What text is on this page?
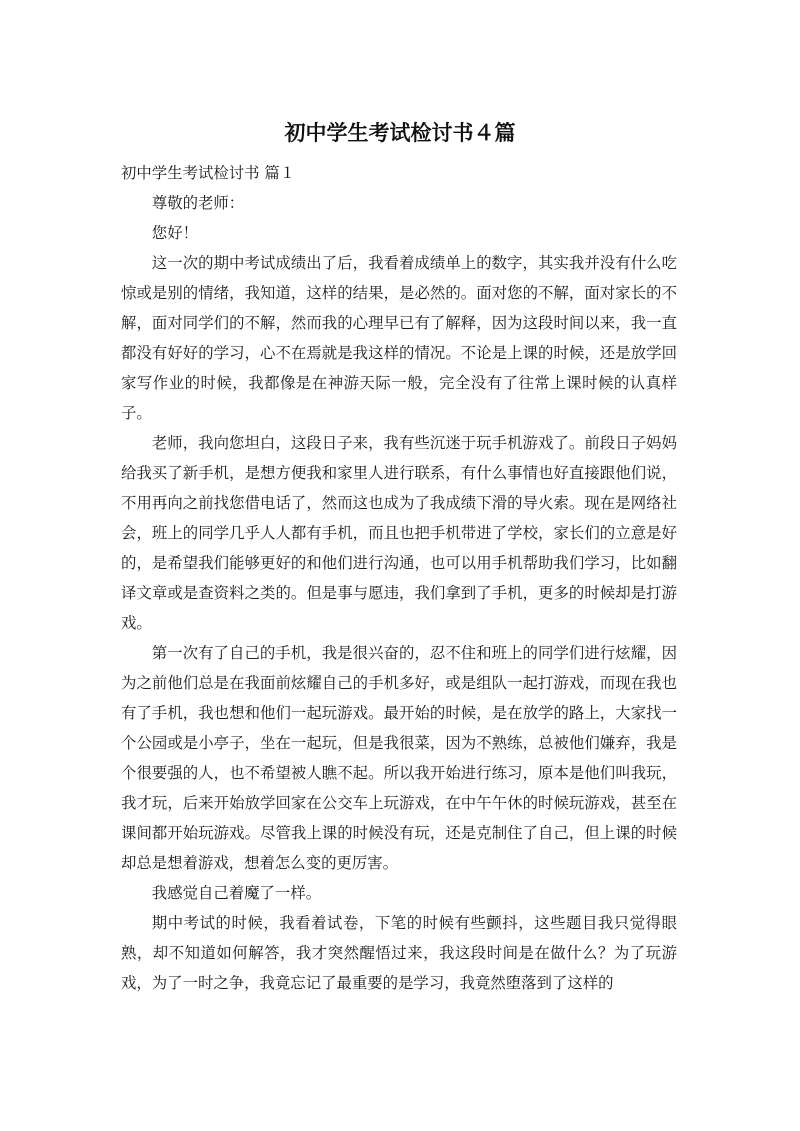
初中学生考试检讨书４篇

初中学生考试检讨书 篇１

尊敬的老师：

您好！

这一次的期中考试成绩出了后，我看着成绩单上的数字，其实我并没有什么吃惊或是别的情绪，我知道，这样的结果，是必然的。面对您的不解，面对家长的不解，面对同学们的不解，然而我的心理早已有了解释，因为这段时间以来，我一直都没有好好的学习，心不在焉就是我这样的情况。不论是上课的时候，还是放学回家写作业的时候，我都像是在神游天际一般，完全没有了往常上课时候的认真样子。

老师，我向您坦白，这段日子来，我有些沉迷于玩手机游戏了。前段日子妈妈给我买了新手机，是想方便我和家里人进行联系，有什么事情也好直接跟他们说，不用再向之前找您借电话了，然而这也成为了我成绩下滑的导火索。现在是网络社会，班上的同学几乎人人都有手机，而且也把手机带进了学校，家长们的立意是好的，是希望我们能够更好的和他们进行沟通，也可以用手机帮助我们学习，比如翻译文章或是查资料之类的。但是事与愿违，我们拿到了手机，更多的时候却是打游戏。

第一次有了自己的手机，我是很兴奋的，忍不住和班上的同学们进行炫耀，因为之前他们总是在我面前炫耀自己的手机多好，或是组队一起打游戏，而现在我也有了手机，我也想和他们一起玩游戏。最开始的时候，是在放学的路上，大家找一个公园或是小亭子，坐在一起玩，但是我很菜，因为不熟练，总被他们嫌弃，我是个很要强的人，也不希望被人瞧不起。所以我开始进行练习，原本是他们叫我玩，我才玩，后来开始放学回家在公交车上玩游戏，在中午午休的时候玩游戏，甚至在课间都开始玩游戏。尽管我上课的时候没有玩，还是克制住了自己，但上课的时候却总是想着游戏，想着怎么变的更厉害。

我感觉自己着魔了一样。

期中考试的时候，我看着试卷，下笔的时候有些颤抖，这些题目我只觉得眼熟，却不知道如何解答，我才突然醒悟过来，我这段时间是在做什么？为了玩游戏，为了一时之争，我竟忘记了最重要的是学习，我竟然堕落到了这样的
